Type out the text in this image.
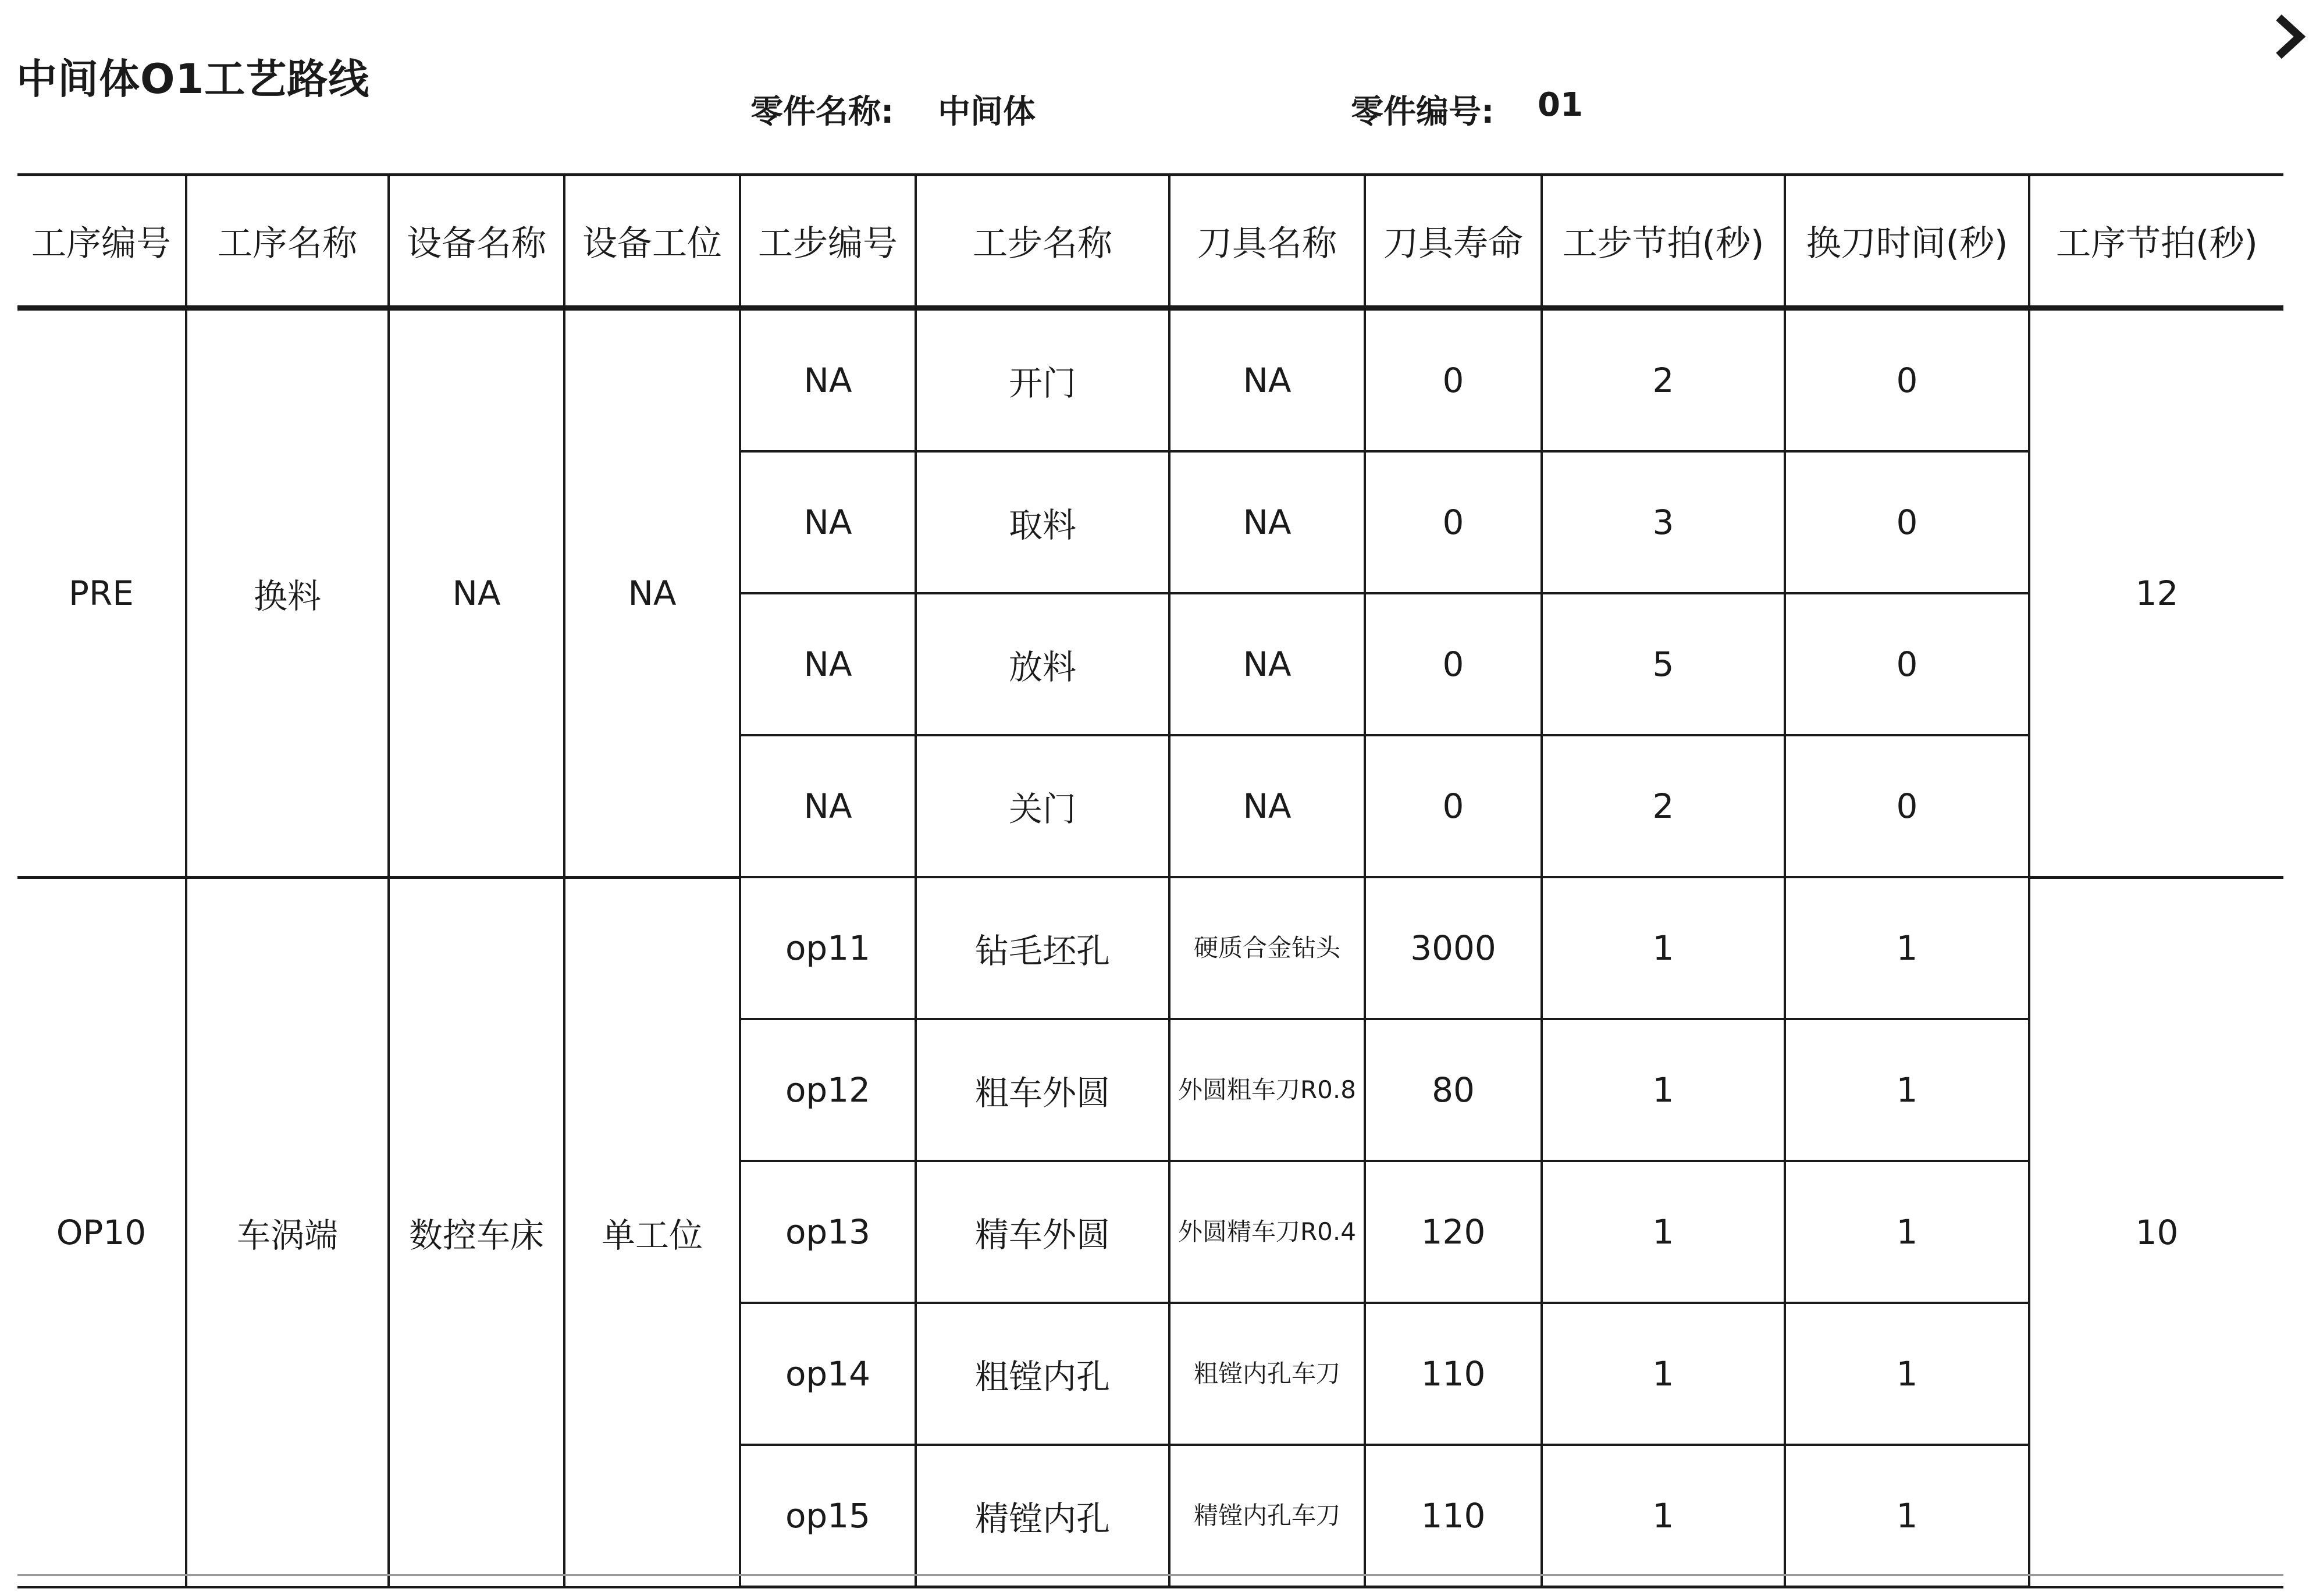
中间体O1工艺路线
零件名称: 中间体	零件编号: 01
工序编号	工序名称	设备名称	设备工位	工步编号	工步名称	刀具名称	刀具寿命	工步节拍(秒)	换刀时间(秒)	工序节拍(秒)
PRE	换料	NA	NA	NA	开门	NA	0	2	0	12
				NA	取料	NA	0	3	0	
				NA	放料	NA	0	5	0	
				NA	关门	NA	0	2	0	
OP10	车涡端	数控车床	单工位	op11	钻毛坯孔	硬质合金钻头	3000	1	1	10
				op12	粗车外圆	外圆粗车刀R0.8	80	1	1	
				op13	精车外圆	外圆精车刀R0.4	120	1	1	
				op14	粗镗内孔	粗镗内孔车刀	110	1	1	
				op15	精镗内孔	精镗内孔车刀	110	1	1	
